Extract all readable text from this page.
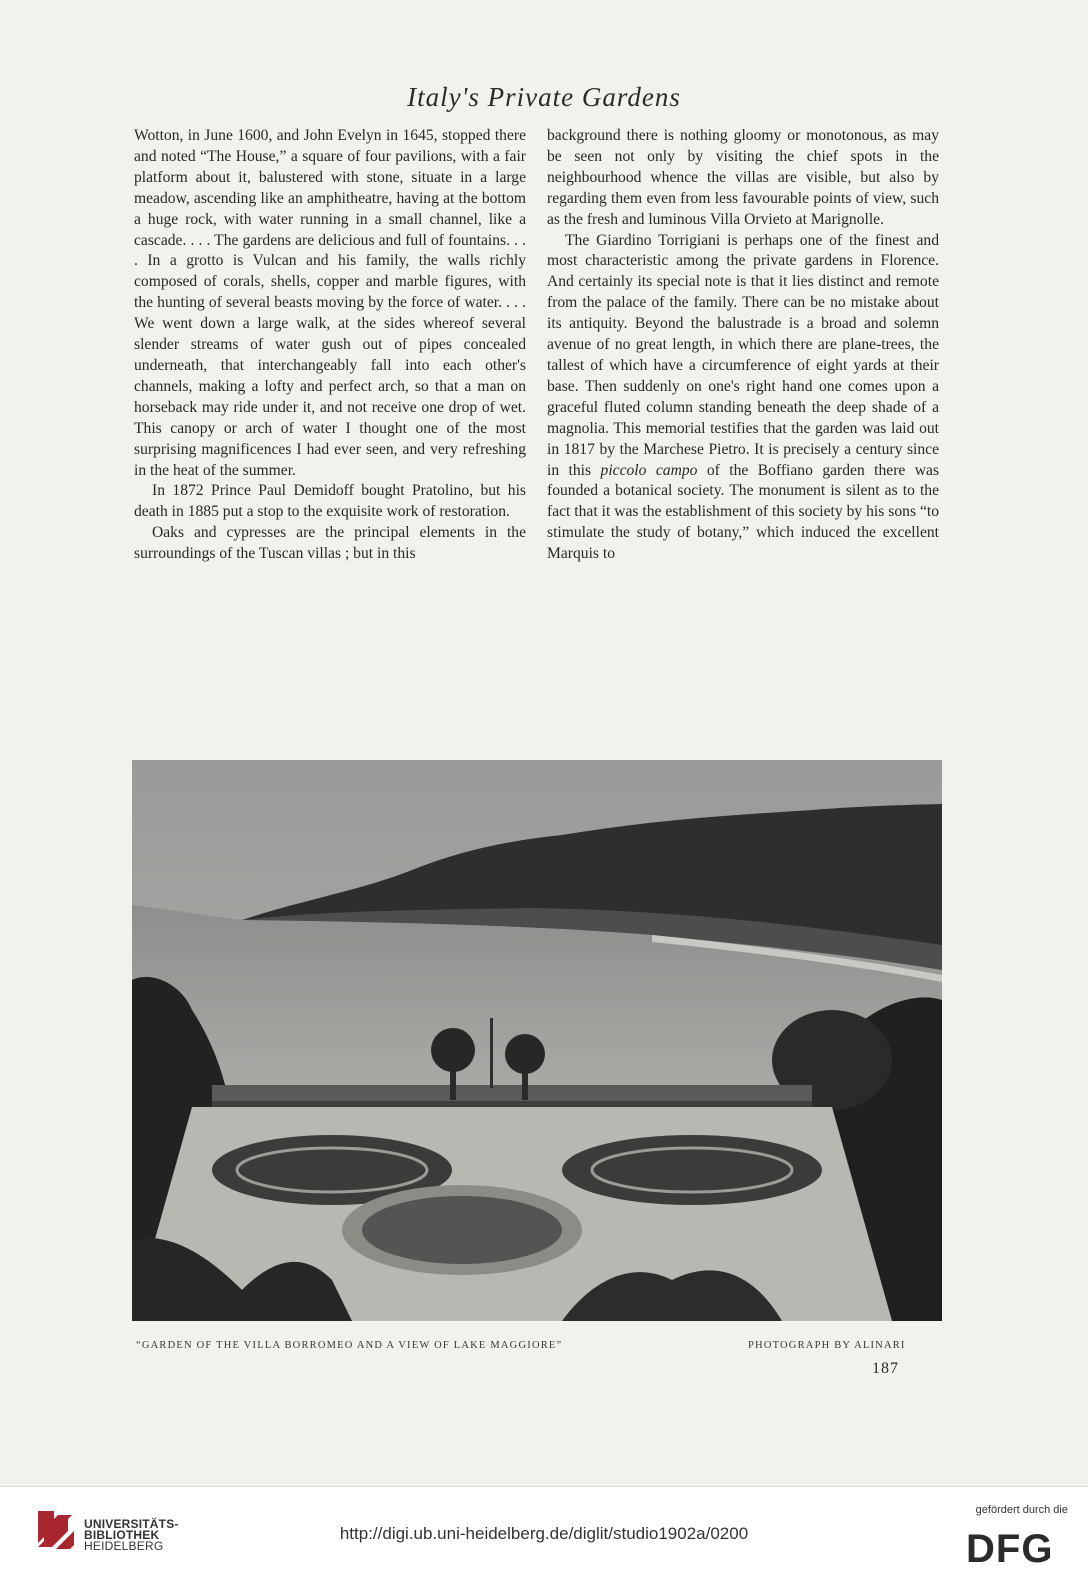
Italy's Private Gardens

Wotton, in June 1600, and John Evelyn in 1645, stopped there and noted “The House,” a square of four pavilions, with a fair platform about it, balustered with stone, situate in a large meadow, ascending like an amphitheatre, having at the bottom a huge rock, with water running in a small channel, like a cascade. . . . The gardens are delicious and full of fountains. . . . In a grotto is Vulcan and his family, the walls richly composed of corals, shells, copper and marble figures, with the hunting of several beasts moving by the force of water. . . . We went down a large walk, at the sides whereof several slender streams of water gush out of pipes concealed underneath, that interchangeably fall into each other's channels, making a lofty and perfect arch, so that a man on horseback may ride under it, and not receive one drop of wet. This canopy or arch of water I thought one of the most surprising magnificences I had ever seen, and very refreshing in the heat of the summer.

In 1872 Prince Paul Demidoff bought Pratolino, but his death in 1885 put a stop to the exquisite work of restoration.

Oaks and cypresses are the principal elements in the surroundings of the Tuscan villas ; but in this

background there is nothing gloomy or monotonous, as may be seen not only by visiting the chief spots in the neighbourhood whence the villas are visible, but also by regarding them even from less favourable points of view, such as the fresh and luminous Villa Orvieto at Marignolle.

The Giardino Torrigiani is perhaps one of the finest and most characteristic among the private gardens in Florence. And certainly its special note is that it lies distinct and remote from the palace of the family. There can be no mistake about its antiquity. Beyond the balustrade is a broad and solemn avenue of no great length, in which there are plane-trees, the tallest of which have a circumference of eight yards at their base. Then suddenly on one's right hand one comes upon a graceful fluted column standing beneath the deep shade of a magnolia. This memorial testifies that the garden was laid out in 1817 by the Marchese Pietro. It is precisely a century since in this piccolo campo of the Boffiano garden there was founded a botanical society. The monument is silent as to the fact that it was the establishment of this society by his sons “to stimulate the study of botany,” which induced the excellent Marquis to

“GARDEN OF THE VILLA BORROMEO AND A VIEW OF LAKE MAGGIORE”	PHOTOGRAPH BY ALINARI
187
UNIVERSITÄTS-
BIBLIOTHEK
HEIDELBERG
http://digi.ub.uni-heidelberg.de/diglit/studio1902a/0200
gefördert durch die
DFG
